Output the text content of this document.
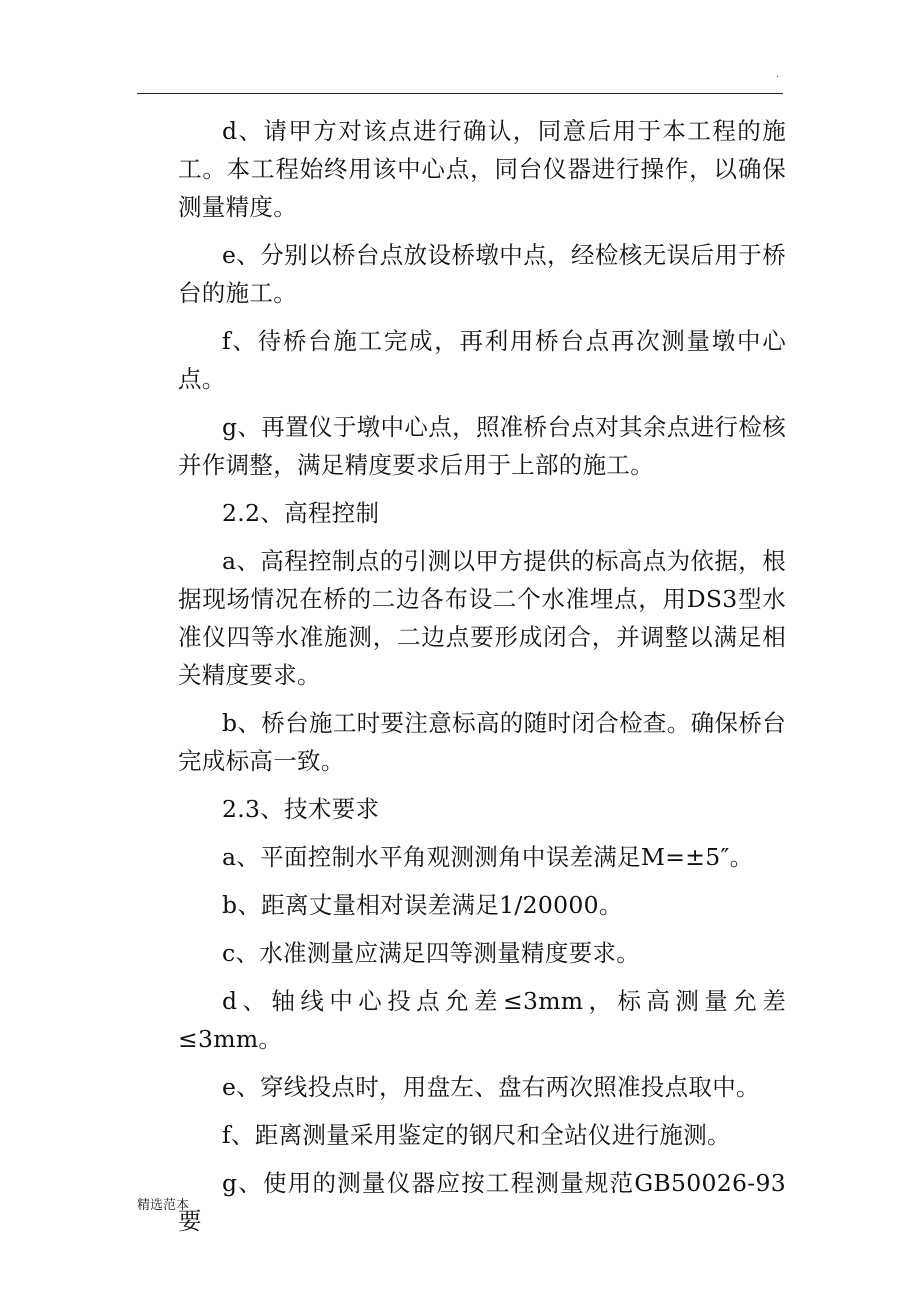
.

d、请甲方对该点进行确认，同意后用于本工程的施工。本工程始终用该中心点，同台仪器进行操作，以确保测量精度。

e、分别以桥台点放设桥墩中点，经检核无误后用于桥台的施工。

f、待桥台施工完成，再利用桥台点再次测量墩中心点。

g、再置仪于墩中心点，照准桥台点对其余点进行检核并作调整，满足精度要求后用于上部的施工。

2.2、高程控制

a、高程控制点的引测以甲方提供的标高点为依据，根据现场情况在桥的二边各布设二个水准埋点，用DS3型水准仪四等水准施测，二边点要形成闭合，并调整以满足相关精度要求。

b、桥台施工时要注意标高的随时闭合检查。确保桥台完成标高一致。

2.3、技术要求

a、平面控制水平角观测测角中误差满足M=±5″。

b、距离丈量相对误差满足1/20000。

c、水准测量应满足四等测量精度要求。

d、轴线中心投点允差≤3mm，标高测量允差≤3mm。

e、穿线投点时，用盘左、盘右两次照准投点取中。

f、距离测量采用鉴定的钢尺和全站仪进行施测。

g、使用的测量仪器应按工程测量规范GB50026-93要

精选范本
